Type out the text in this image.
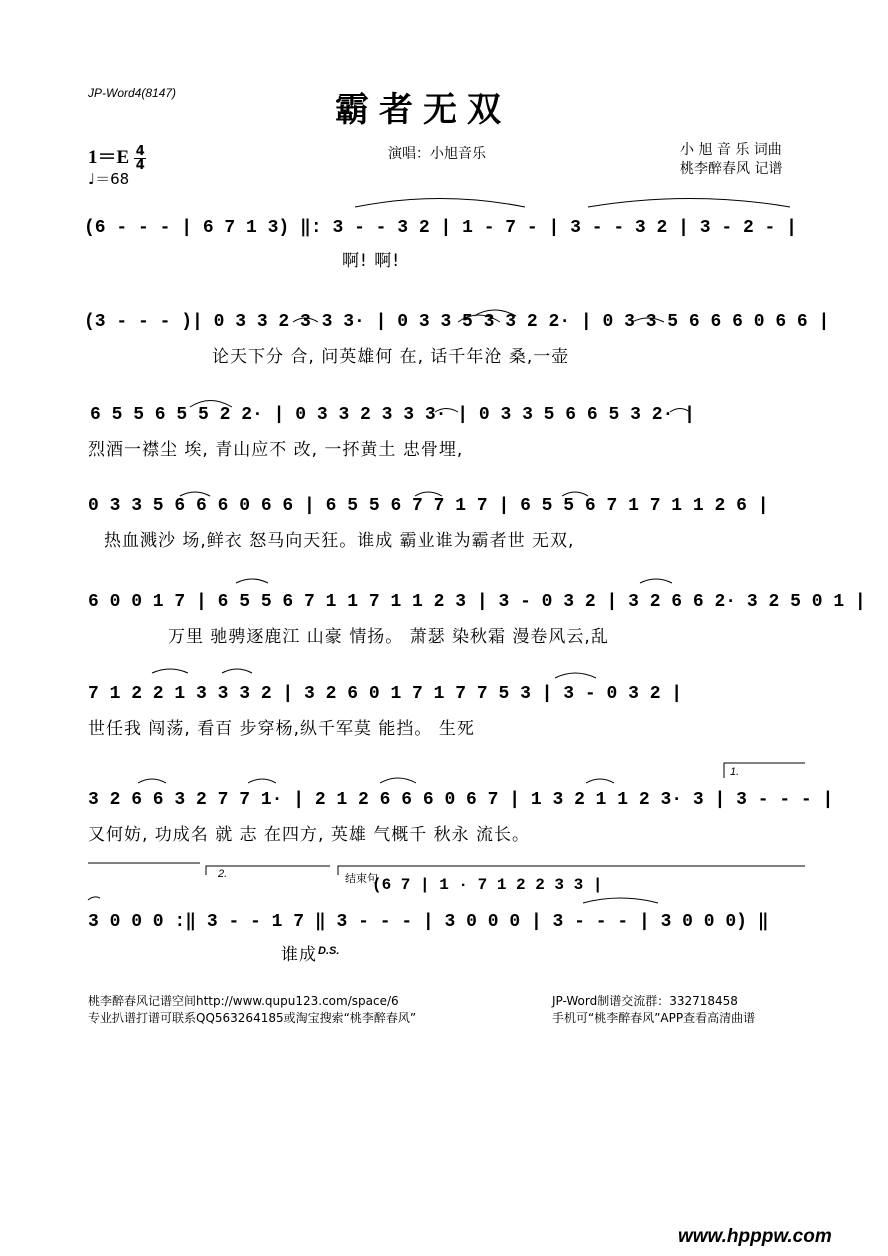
JP-Word4(8147)	霸者无双
演唱：小旭音乐	小 旭 音 乐 词曲
桃李醉春风 记谱
$1=E \frac{4}{4}$
♩＝68
(6 - - - | 6 7 1 3) ‖: 3 - - 3 2 | 1 - 7 - | 3 - - 3 2 | 3 - 2 - |
啊! 啊!
(3 - - - )| 0 3 3 2 3 3 3· | 0 3 3 5 3 3 2 2· | 0 3 3 5 6 6 6 0 6 6 |
论天下分 合, 问英雄何 在, 话千年沧 桑,一壶
6 5 5 6 5 5 2 2· | 0 3 3 2 3 3 3· | 0 3 3 5 6 6 5 3 2· |
烈酒一襟尘 埃, 青山应不 改, 一抔黄土 忠骨埋,
0 3 3 5 6 6 6 0 6 6 | 6 5 5 6 7 7 1 7 | 6 5 5 6 7 1 7 1 1 2 6 |
热血溅沙 场,鲜衣 怒马向天狂。谁成 霸业谁为霸者世 无双,
6 0 0 1 7 | 6 5 5 6 7 1 1 7 1 1 2 3 | 3 - 0 3 2 | 3 2 6 6 2· 3 2 5 0 1 |
万里 驰骋逐鹿江 山豪 情扬。 萧瑟 染秋霜 漫卷风云,乱
7 1 2 2 1 3 3 3 2 | 3 2 6 0 1 7 1 7 7 5 3 | 3 - 0 3 2 |
世任我 闯荡, 看百 步穿杨,纵千军莫 能挡。 生死
3 2 6 6 3 2 7 7 1· | 2 1 2 6 6 6 0 6 7 | 1 3 2 1 1 2 3· 3 | 3 - - - |
又何妨, 功成名 就 志 在四方, 英雄 气概千 秋永 流长。
1.
2.	结束句
(6 7 | 1 · 7 1 2 2 3 3 |
3 0 0 0 :‖ 3 - - 1 7 ‖ 3 - - - | 3 0 0 0 | 3 - - - | 3 0 0 0) ‖
谁成 D.S.
桃李醉春风记谱空间http://www.qupu123.com/space/6
专业扒谱打谱可联系QQ563264185或淘宝搜索“桃李醉春风”
JP-Word制谱交流群：332718458
手机可“桃李醉春风”APP查看高清曲谱
www.hpppw.com
